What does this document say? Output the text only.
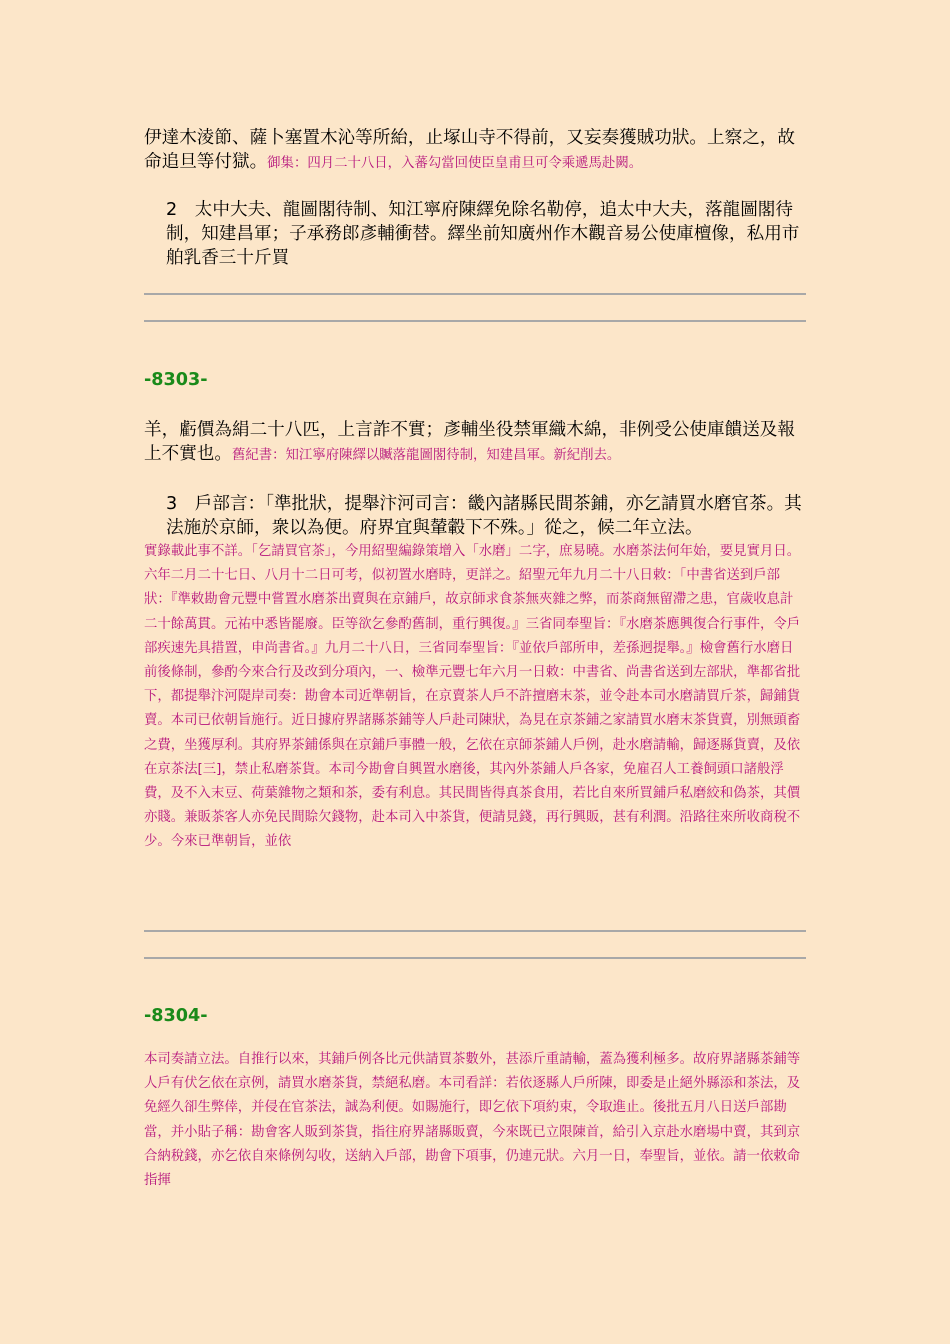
伊達木淩節、薩卜塞置木沁等所紿，止塚山寺不得前，又妄奏獲賊功狀。上察之，故命追旦等付獄。御集：四月二十八日，入蕃勾當回使臣皇甫旦可令乘遞馬赴闕。

2　太中大夫、龍圖閣待制、知江寧府陳繹免除名勒停，追太中大夫，落龍圖閣待制，知建昌軍；子承務郎彥輔衝替。繹坐前知廣州作木觀音易公使庫檀像，私用市舶乳香三十斤買

-8303-

羊，虧價為絹二十八匹，上言詐不實；彥輔坐役禁軍織木綿，非例受公使庫饋送及報上不實也。舊紀書：知江寧府陳繹以贓落龍圖閣待制，知建昌軍。新紀削去。

3　戶部言：「準批狀，提舉汴河司言：畿內諸縣民間茶鋪，亦乞請買水磨官茶。其法施於京師，衆以為便。府界宜與輦轂下不殊。」從之，候二年立法。

實錄載此事不詳。「乞請買官茶」，今用紹聖編錄策增入「水磨」二字，庶易曉。水磨茶法何年始，要見實月日。六年二月二十七日、八月十二日可考，似初置水磨時，更詳之。紹聖元年九月二十八日敕：「中書省送到戶部狀：『準敕勘會元豐中嘗置水磨茶出賣與在京鋪戶，故京師求食茶無夾雜之弊，而茶商無留滯之患，官歲收息計二十餘萬貫。元祐中悉皆罷廢。臣等欲乞參酌舊制，重行興復。』三省同奉聖旨：『水磨茶應興復合行事件，令戶部疾速先具措置，申尚書省。』九月二十八日，三省同奉聖旨：『並依戶部所申，差孫迥提舉。』檢會舊行水磨日前後條制，參酌今來合行及改到分項內，一、檢準元豐七年六月一日敕：中書省、尚書省送到左部狀，準都省批下，都提舉汴河隄岸司奏：勘會本司近準朝旨，在京賣茶人戶不許擅磨末茶，並令赴本司水磨請買斤茶，歸鋪貨賣。本司已依朝旨施行。近日據府界諸縣茶鋪等人戶赴司陳狀，為見在京茶鋪之家請買水磨末茶貨賣，別無頭畜之費，坐獲厚利。其府界茶鋪係與在京鋪戶事體一般，乞依在京師茶鋪人戶例，赴水磨請輸，歸逐縣貨賣，及依在京茶法[三]，禁止私磨茶貨。本司今勘會自興置水磨後，其內外茶鋪人戶各家，免雇召人工養飼頭口諸般浮費，及不入末豆、荷葉雜物之類和茶，委有利息。其民間皆得真茶食用，若比自來所買鋪戶私磨絞和偽茶，其價亦賤。兼販茶客人亦免民間賒欠錢物，赴本司入中茶貨，便請見錢，再行興販，甚有利潤。沿路往來所收商稅不少。今來已準朝旨，並依

-8304-

本司奏請立法。自推行以來，其鋪戶例各比元供請買茶數外，甚添斤重請輸，蓋為獲利極多。故府界諸縣茶鋪等人戶有伏乞依在京例，請買水磨茶貨，禁絕私磨。本司看詳：若依逐縣人戶所陳，即委是止絕外縣添和茶法，及免經久卻生弊倖，并侵在官茶法，誠為利便。如賜施行，即乞依下項約束，令取進止。後批五月八日送戶部勘當，并小貼子稱：勘會客人販到茶貨，指往府界諸縣販賣，今來既已立限陳首，給引入京赴水磨場中賣，其到京合納稅錢，亦乞依自來條例勾收，送納入戶部，勘會下項事，仍連元狀。六月一日，奉聖旨，並依。請一依敕命指揮
